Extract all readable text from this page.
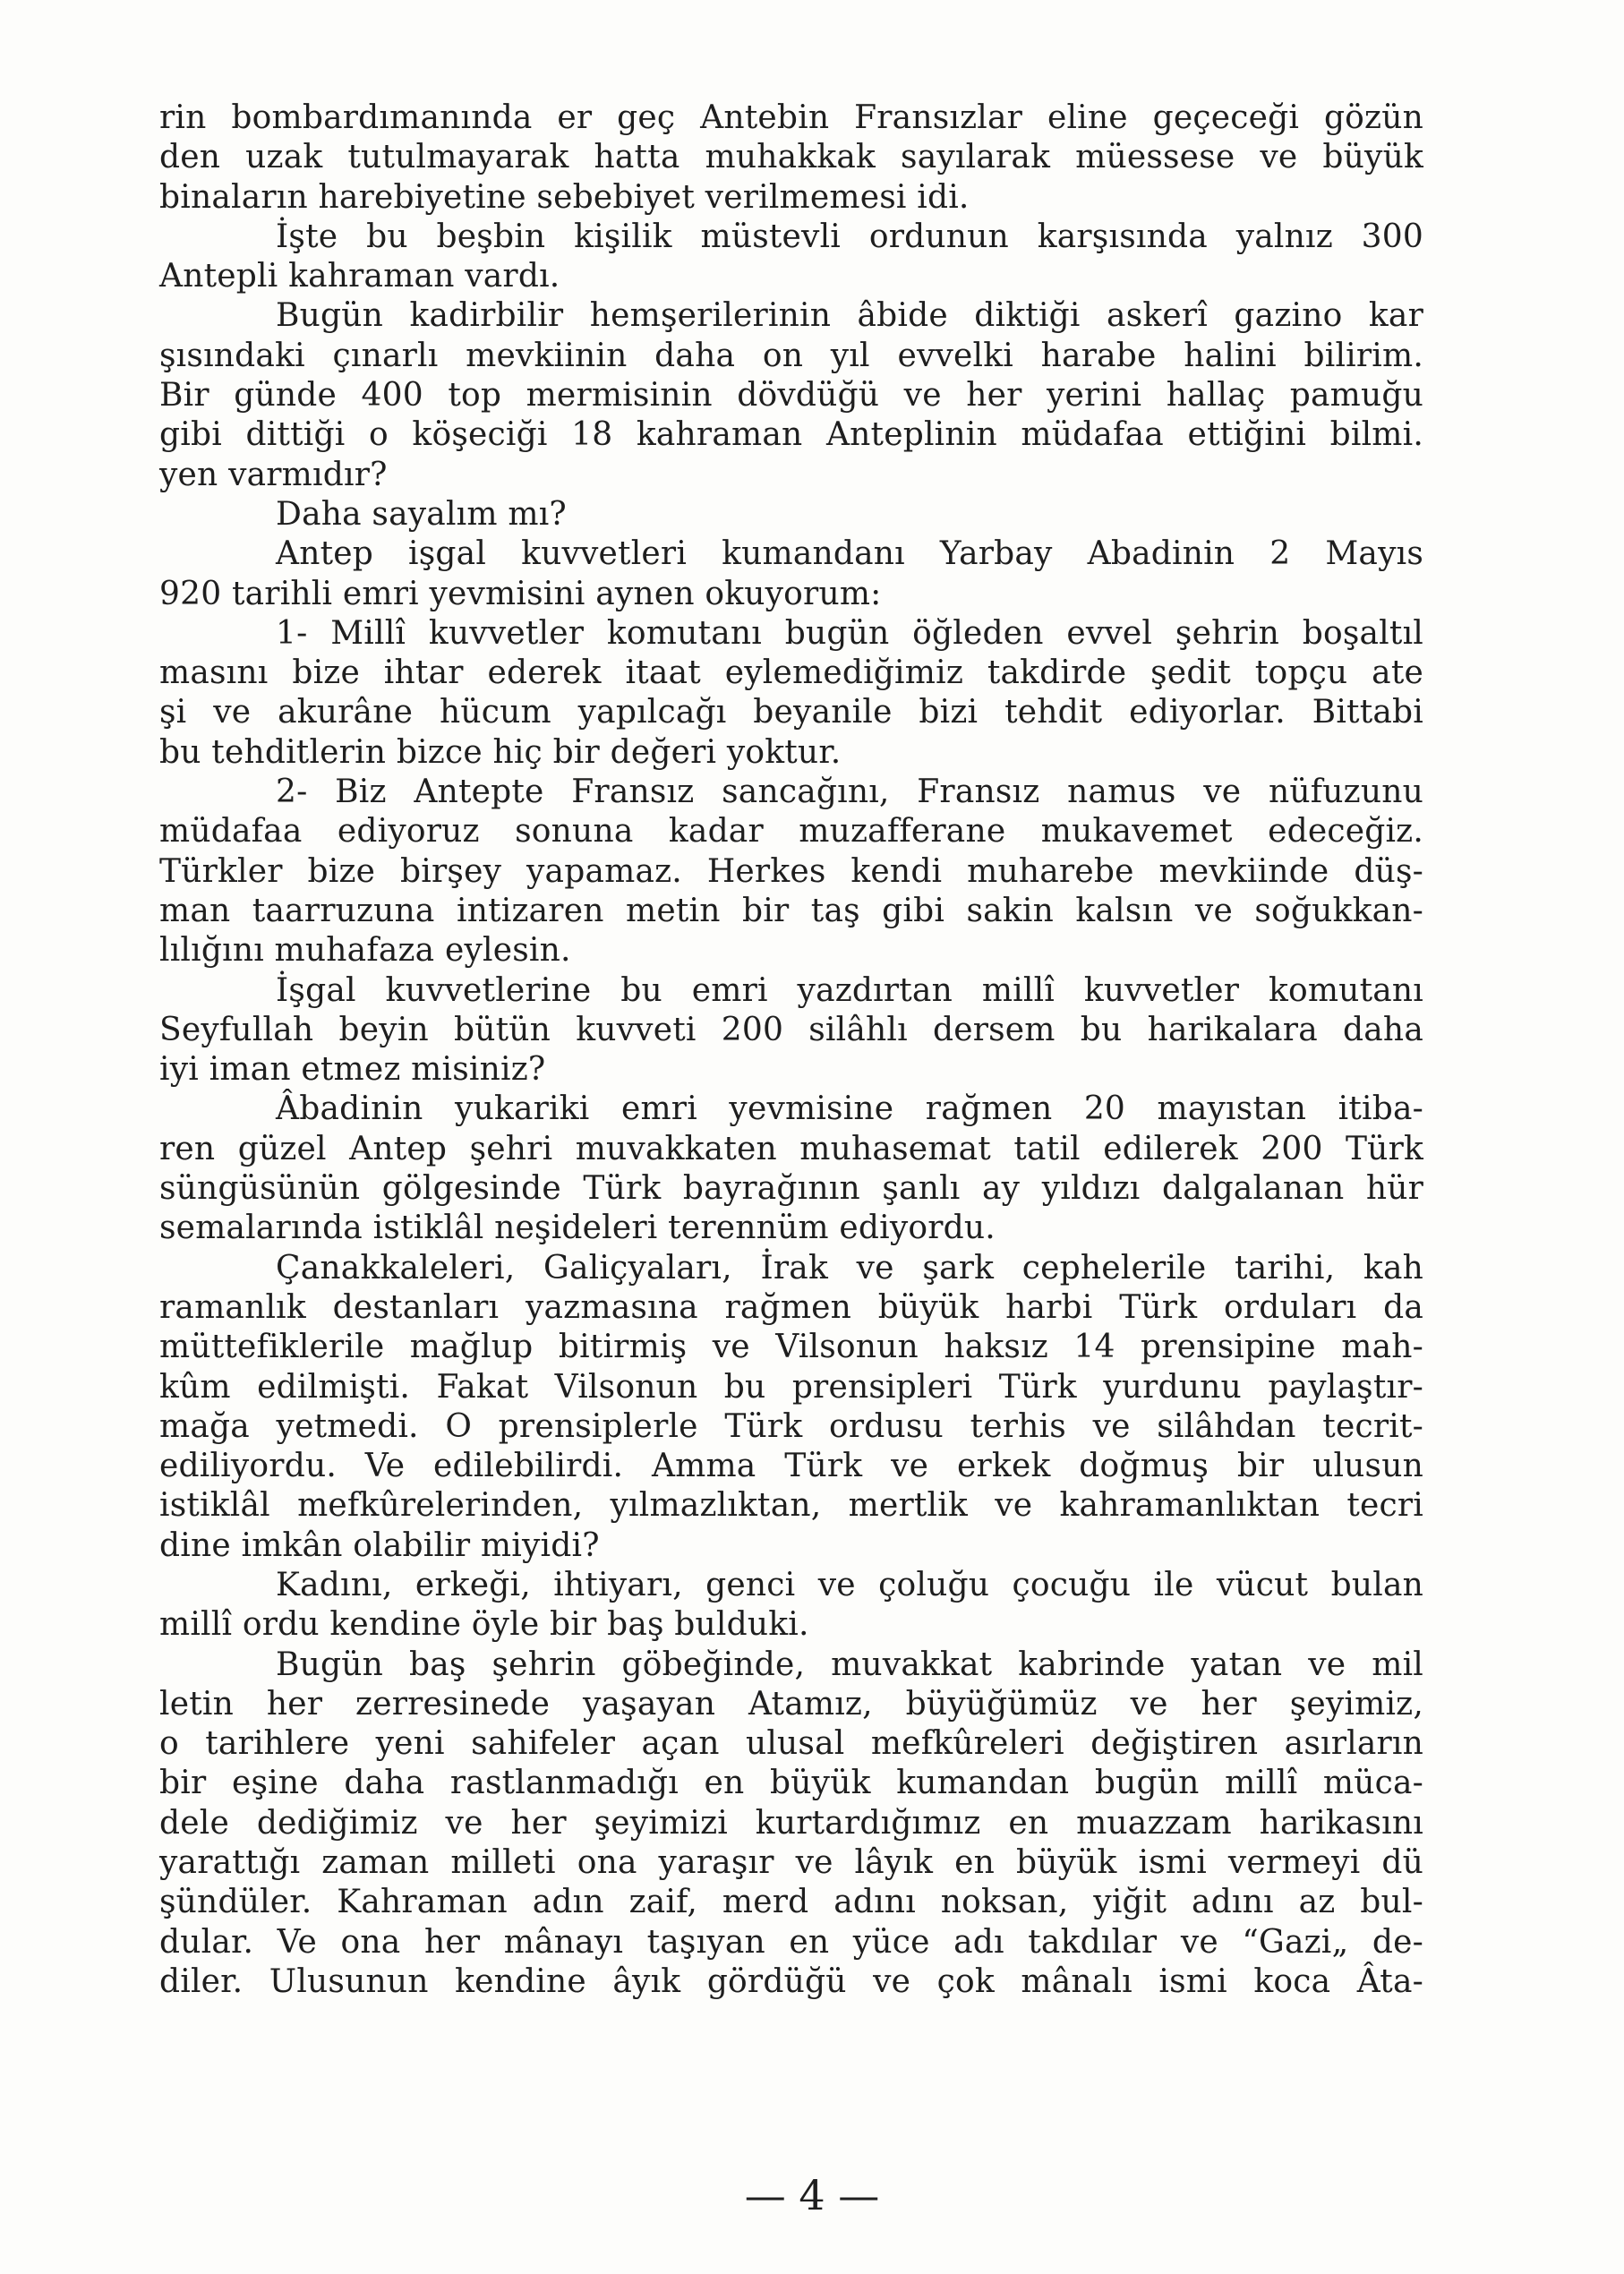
rin bombardımanında er geç Antebin Fransızlar eline geçeceği gözün
den uzak tutulmayarak hatta muhakkak sayılarak müessese ve büyük
binaların harebiyetine sebebiyet verilmemesi idi.
İşte bu beşbin kişilik müstevli ordunun karşısında yalnız 300
Antepli kahraman vardı.
Bugün kadirbilir hemşerilerinin âbide diktiği askerî gazino kar
şısındaki çınarlı mevkiinin daha on yıl evvelki harabe halini bilirim.
Bir günde 400 top mermisinin dövdüğü ve her yerini hallaç pamuğu
gibi dittiği o köşeciği 18 kahraman Anteplinin müdafaa ettiğini bilmi.
yen varmıdır?
Daha sayalım mı?
Antep işgal kuvvetleri kumandanı Yarbay Abadinin 2 Mayıs
920 tarihli emri yevmisini aynen okuyorum:
1- Millî kuvvetler komutanı bugün öğleden evvel şehrin boşaltıl
masını bize ihtar ederek itaat eylemediğimiz takdirde şedit topçu ate
şi ve akurâne hücum yapılcağı beyanile bizi tehdit ediyorlar. Bittabi
bu tehditlerin bizce hiç bir değeri yoktur.
2- Biz Antepte Fransız sancağını, Fransız namus ve nüfuzunu
müdafaa ediyoruz sonuna kadar muzafferane mukavemet edeceğiz.
Türkler bize birşey yapamaz. Herkes kendi muharebe mevkiinde düş-
man taarruzuna intizaren metin bir taş gibi sakin kalsın ve soğukkan-
lılığını muhafaza eylesin.
İşgal kuvvetlerine bu emri yazdırtan millî kuvvetler komutanı
Seyfullah beyin bütün kuvveti 200 silâhlı dersem bu harikalara daha
iyi iman etmez misiniz?
Âbadinin yukariki emri yevmisine rağmen 20 mayıstan itiba-
ren güzel Antep şehri muvakkaten muhasemat tatil edilerek 200 Türk
süngüsünün gölgesinde Türk bayrağının şanlı ay yıldızı dalgalanan hür
semalarında istiklâl neşideleri terennüm ediyordu.
Çanakkaleleri, Galiçyaları, İrak ve şark cephelerile tarihi, kah
ramanlık destanları yazmasına rağmen büyük harbi Türk orduları da
müttefiklerile mağlup bitirmiş ve Vilsonun haksız 14 prensipine mah-
kûm edilmişti. Fakat Vilsonun bu prensipleri Türk yurdunu paylaştır-
mağa yetmedi. O prensiplerle Türk ordusu terhis ve silâhdan tecrit-
ediliyordu. Ve edilebilirdi. Amma Türk ve erkek doğmuş bir ulusun
istiklâl mefkûrelerinden, yılmazlıktan, mertlik ve kahramanlıktan tecri
dine imkân olabilir miyidi?
Kadını, erkeği, ihtiyarı, genci ve çoluğu çocuğu ile vücut bulan
millî ordu kendine öyle bir baş bulduki.
Bugün baş şehrin göbeğinde, muvakkat kabrinde yatan ve mil
letin her zerresinede yaşayan Atamız, büyüğümüz ve her şeyimiz,
o tarihlere yeni sahifeler açan ulusal mefkûreleri değiştiren asırların
bir eşine daha rastlanmadığı en büyük kumandan bugün millî müca-
dele dediğimiz ve her şeyimizi kurtardığımız en muazzam harikasını
yarattığı zaman milleti ona yaraşır ve lâyık en büyük ismi vermeyi dü
şündüler. Kahraman adın zaif, merd adını noksan, yiğit adını az bul-
dular. Ve ona her mânayı taşıyan en yüce adı takdılar ve “Gazi„ de-
diler. Ulusunun kendine âyık gördüğü ve çok mânalı ismi koca Âta-
— 4 —
